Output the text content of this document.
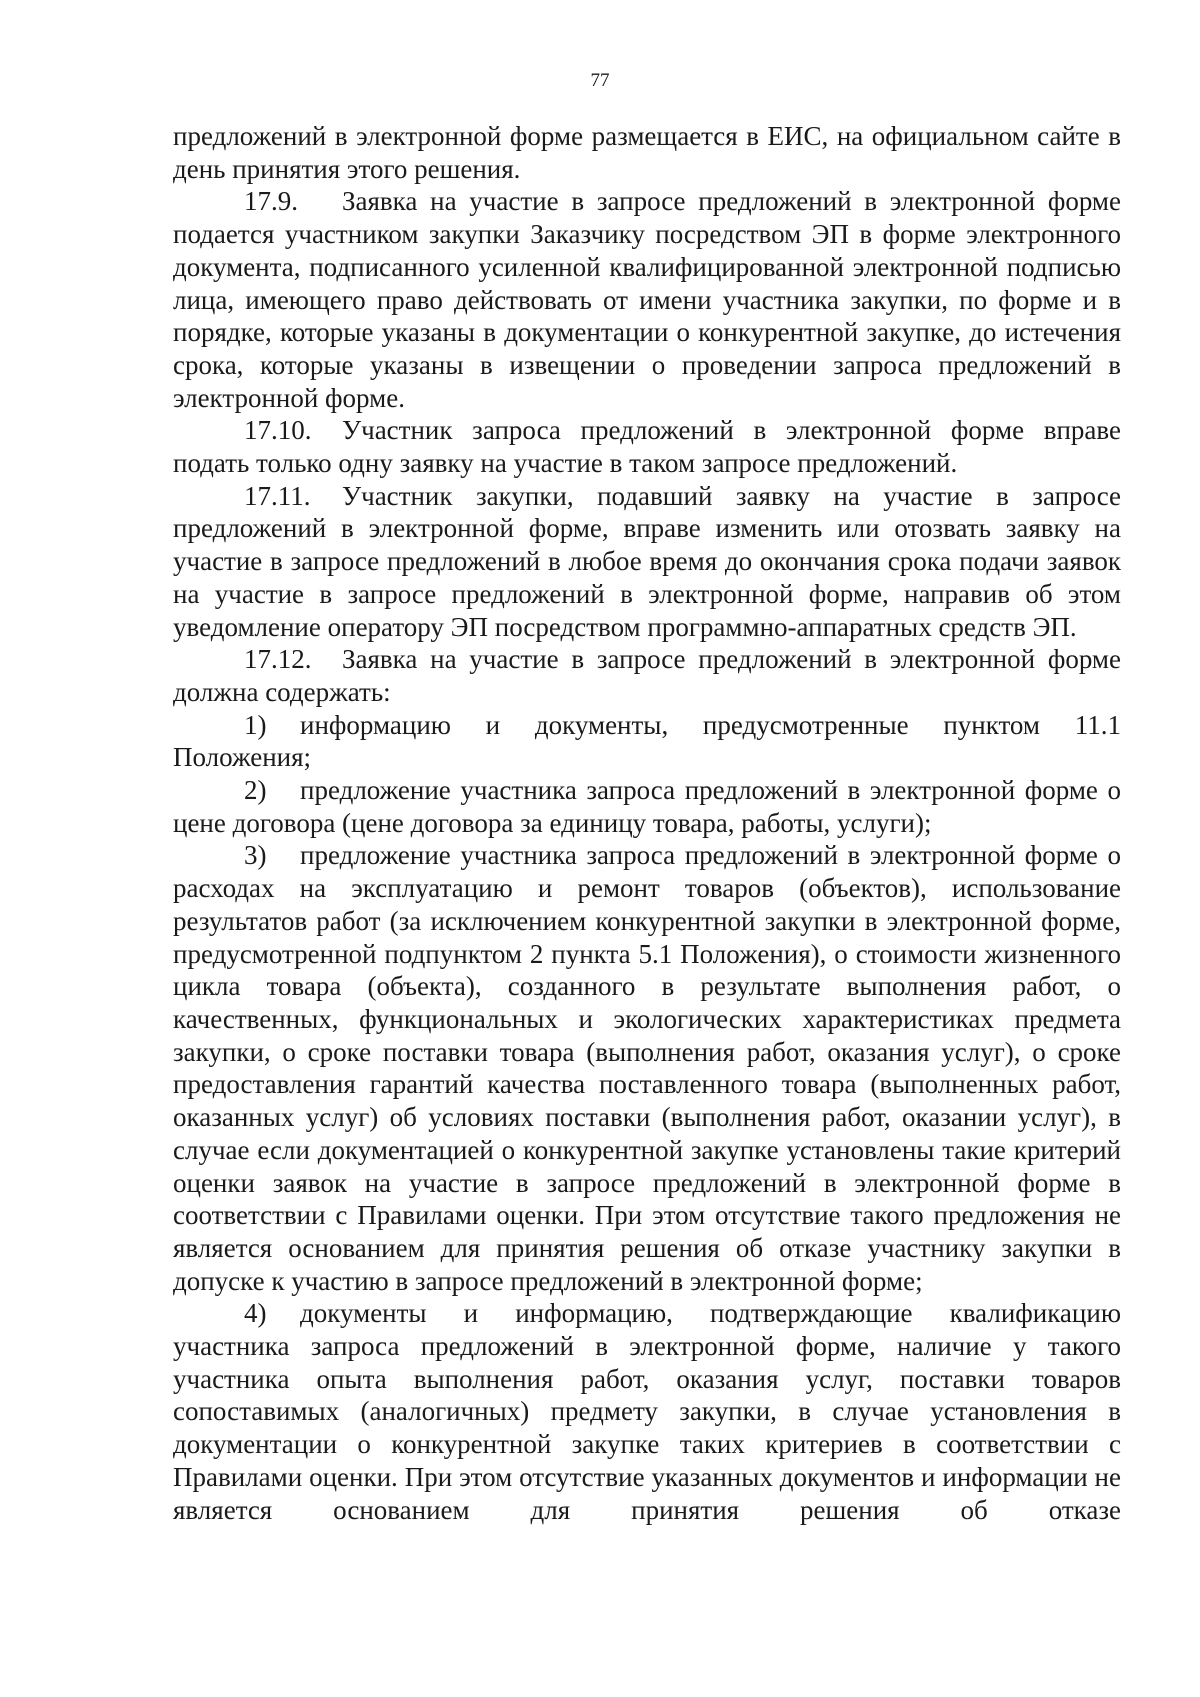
77

предложений в электронной форме размещается в ЕИС, на официальном сайте в день принятия этого решения.

17.9. Заявка на участие в запросе предложений в электронной форме подается участником закупки Заказчику посредством ЭП в форме электронного документа, подписанного усиленной квалифицированной электронной подписью лица, имеющего право действовать от имени участника закупки, по форме и в порядке, которые указаны в документации о конкурентной закупке, до истечения срока, которые указаны в извещении о проведении запроса предложений в электронной форме.

17.10. Участник запроса предложений в электронной форме вправе подать только одну заявку на участие в таком запросе предложений.

17.11. Участник закупки, подавший заявку на участие в запросе предложений в электронной форме, вправе изменить или отозвать заявку на участие в запросе предложений в любое время до окончания срока подачи заявок на участие в запросе предложений в электронной форме, направив об этом уведомление оператору ЭП посредством программно-аппаратных средств ЭП.

17.12. Заявка на участие в запросе предложений в электронной форме должна содержать:

1) информацию и документы, предусмотренные пунктом 11.1 Положения;

2) предложение участника запроса предложений в электронной форме о цене договора (цене договора за единицу товара, работы, услуги);

3) предложение участника запроса предложений в электронной форме о расходах на эксплуатацию и ремонт товаров (объектов), использование результатов работ (за исключением конкурентной закупки в электронной форме, предусмотренной подпунктом 2 пункта 5.1 Положения), о стоимости жизненного цикла товара (объекта), созданного в результате выполнения работ, о качественных, функциональных и экологических характеристиках предмета закупки, о сроке поставки товара (выполнения работ, оказания услуг), о сроке предоставления гарантий качества поставленного товара (выполненных работ, оказанных услуг) об условиях поставки (выполнения работ, оказании услуг), в случае если документацией о конкурентной закупке установлены такие критерий оценки заявок на участие в запросе предложений в электронной форме в соответствии с Правилами оценки. При этом отсутствие такого предложения не является основанием для принятия решения об отказе участнику закупки в допуске к участию в запросе предложений в электронной форме;

4) документы и информацию, подтверждающие квалификацию участника запроса предложений в электронной форме, наличие у такого участника опыта выполнения работ, оказания услуг, поставки товаров сопоставимых (аналогичных) предмету закупки, в случае установления в документации о конкурентной закупке таких критериев в соответствии с Правилами оценки. При этом отсутствие указанных документов и информации не является основанием для принятия решения об отказе
